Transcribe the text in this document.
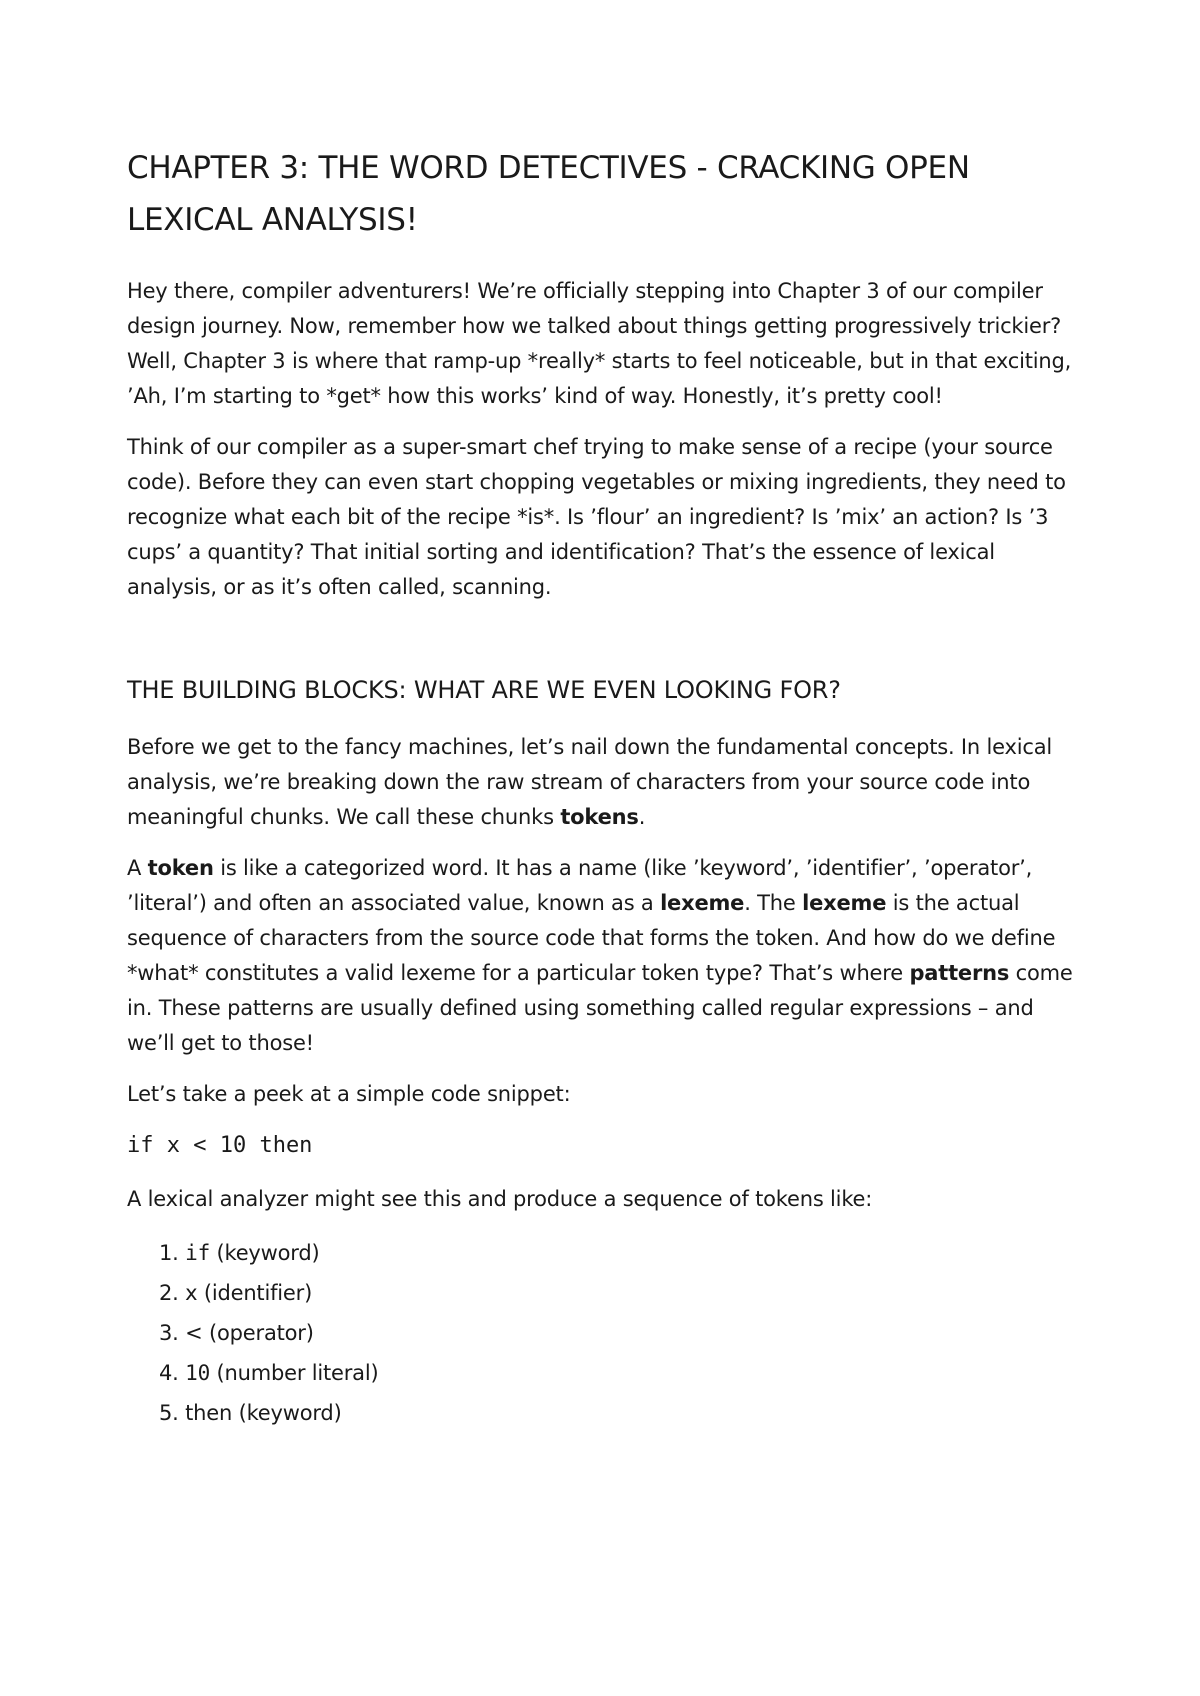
CHAPTER 3: THE WORD DETECTIVES - CRACKING OPEN LEXICAL ANALYSIS!

Hey there, compiler adventurers! We’re officially stepping into Chapter 3 of our compiler design journey. Now, remember how we talked about things getting progressively trickier? Well, Chapter 3 is where that ramp-up *really* starts to feel noticeable, but in that exciting, ’Ah, I’m starting to *get* how this works’ kind of way. Honestly, it’s pretty cool!

Think of our compiler as a super-smart chef trying to make sense of a recipe (your source code). Before they can even start chopping vegetables or mixing ingredients, they need to recognize what each bit of the recipe *is*. Is ’flour’ an ingredient? Is ’mix’ an action? Is ’3 cups’ a quantity? That initial sorting and identification? That’s the essence of lexical analysis, or as it’s often called, scanning.

THE BUILDING BLOCKS: WHAT ARE WE EVEN LOOKING FOR?

Before we get to the fancy machines, let’s nail down the fundamental concepts. In lexical analysis, we’re breaking down the raw stream of characters from your source code into meaningful chunks. We call these chunks tokens.

A token is like a categorized word. It has a name (like ’keyword’, ’identifier’, ’operator’, ’literal’) and often an associated value, known as a lexeme. The lexeme is the actual sequence of characters from the source code that forms the token. And how do we define *what* constitutes a valid lexeme for a particular token type? That’s where patterns come in. These patterns are usually defined using something called regular expressions – and we’ll get to those!

Let’s take a peek at a simple code snippet:

if x < 10 then

A lexical analyzer might see this and produce a sequence of tokens like:

1. if (keyword)
2. x (identifier)
3. < (operator)
4. 10 (number literal)
5. then (keyword)
